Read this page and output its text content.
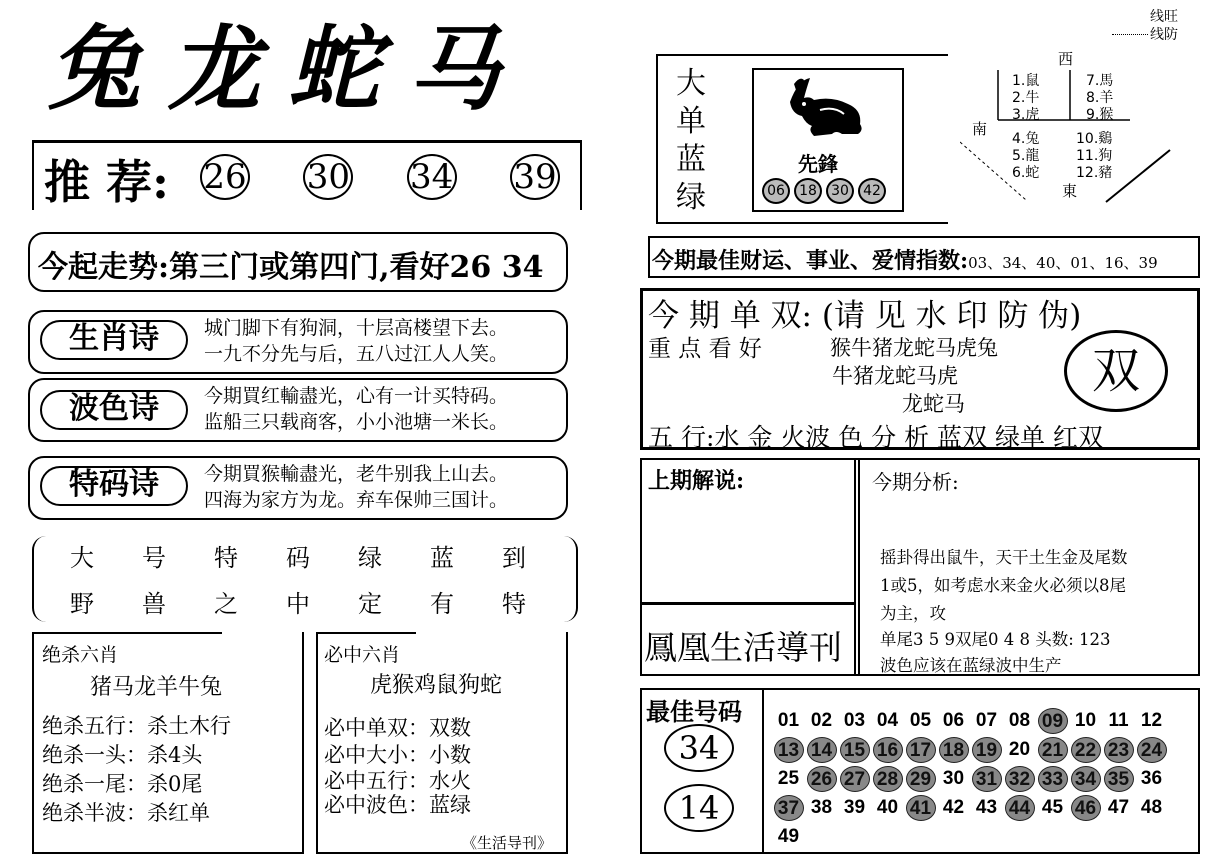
兔龙蛇马
推 荐: 26 30 34 39
今起走势:第三门或第四门,看好26 34
生肖诗	城门脚下有狗洞，十层高楼望下去。
一九不分先与后，五八过江人人笑。
波色诗	今期買红輸盡光，心有一计买特码。
监船三只载商客，小小池塘一米长。
特码诗	今期買猴輸盡光，老牛别我上山去。
四海为家方为龙。弃车保帅三国计。
大 号 特 码 绿 蓝 到
野 兽 之 中 定 有 特
绝杀六肖
猪马龙羊牛兔
绝杀五行：杀土木行
绝杀一头：杀4头
绝杀一尾：杀0尾
绝杀半波：杀红单
必中六肖
虎猴鸡鼠狗蛇
必中单双：双数
必中大小：小数
必中五行：水火
必中波色：蓝绿
《生活导刊》
线旺
线防
大
单
蓝
绿
先鋒
06	18	30	42
西
南
東
1.鼠
2.牛
3.虎
7.馬
8.羊
9.猴
4.兔
5.龍
6.蛇
10.鷄
11.狗
12.豬
今期最佳财运、事业、爱情指数:03、34、40、01、16、39
今 期 单 双: (请 见 水 印 防 伪)
重 点 看 好	猴牛猪龙蛇马虎兔
牛猪龙蛇马虎
龙蛇马
双
五 行:水 金 火波 色 分 析 蓝双 绿单 红双
上期解说:	今期分析:
鳳凰生活導刊
摇卦得出鼠牛，天干土生金及尾数
1或5，如考虑水来金火必须以8尾
为主，攻
单尾3 5 9双尾0 4 8 头数: 123
波色应该在蓝绿波中生产
最佳号码
34
14
01 02 03 04 05 06 07 08 09 10 11 12
13 14 15 16 17 18 19 20 21 22 23 24
25 26 27 28 29 30 31 32 33 34 35 36
37 38 39 40 41 42 43 44 45 46 47 48
49
